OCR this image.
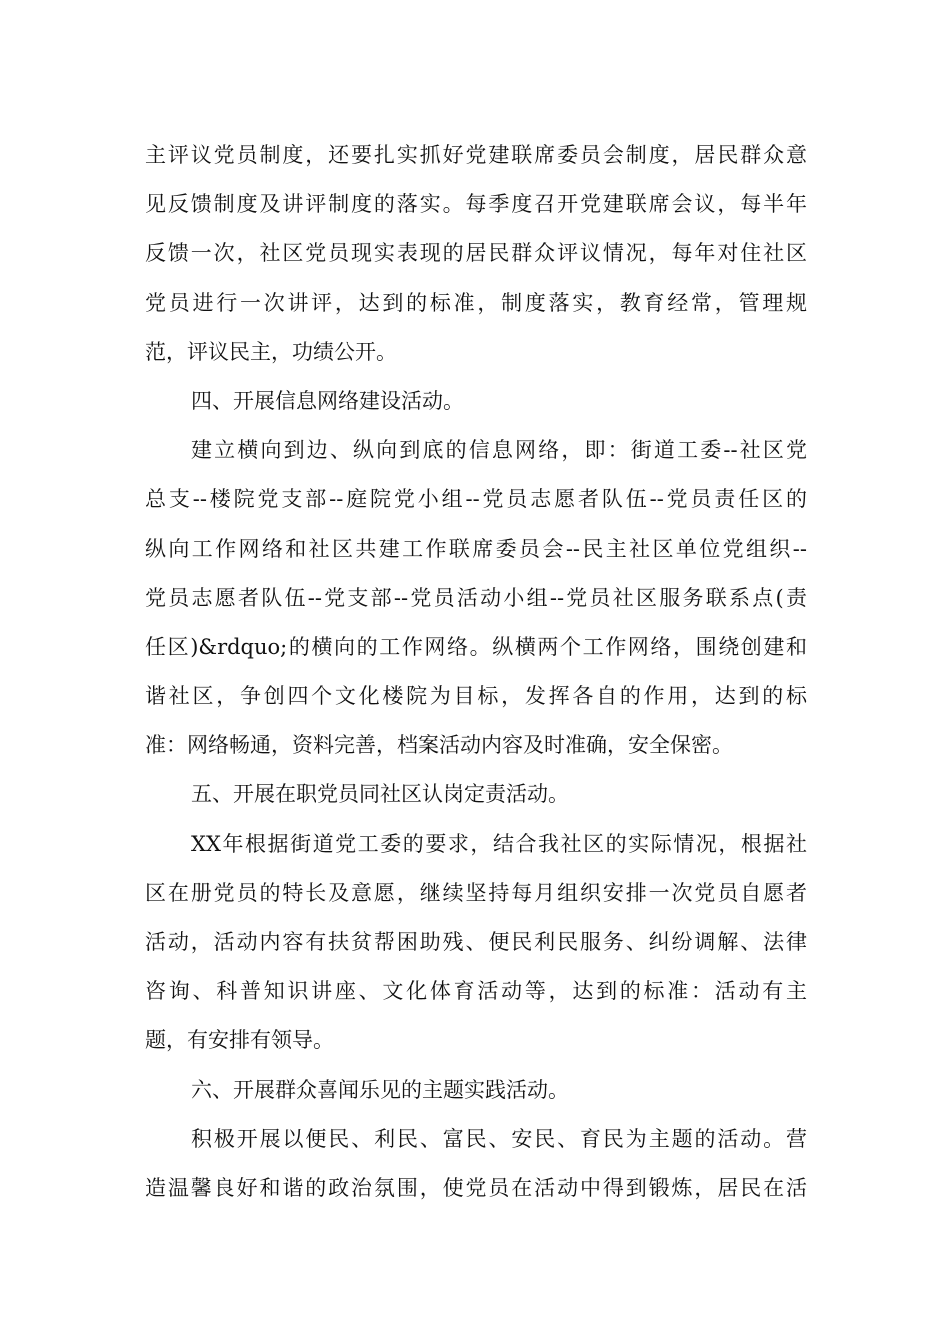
主评议党员制度，还要扎实抓好党建联席委员会制度，居民群众意
见反馈制度及讲评制度的落实。每季度召开党建联席会议，每半年
反馈一次，社区党员现实表现的居民群众评议情况，每年对住社区
党员进行一次讲评，达到的标准，制度落实，教育经常，管理规
范，评议民主，功绩公开。
四、开展信息网络建设活动。
建立横向到边、纵向到底的信息网络，即：街道工委--社区党
总支--楼院党支部--庭院党小组--党员志愿者队伍--党员责任区的
纵向工作网络和社区共建工作联席委员会--民主社区单位党组织--
党员志愿者队伍--党支部--党员活动小组--党员社区服务联系点(责
任区)&rdquo;的横向的工作网络。纵横两个工作网络，围绕创建和
谐社区，争创四个文化楼院为目标，发挥各自的作用，达到的标
准：网络畅通，资料完善，档案活动内容及时准确，安全保密。
五、开展在职党员同社区认岗定责活动。
XX年根据街道党工委的要求，结合我社区的实际情况，根据社
区在册党员的特长及意愿，继续坚持每月组织安排一次党员自愿者
活动，活动内容有扶贫帮困助残、便民利民服务、纠纷调解、法律
咨询、科普知识讲座、文化体育活动等，达到的标准：活动有主
题，有安排有领导。
六、开展群众喜闻乐见的主题实践活动。
积极开展以便民、利民、富民、安民、育民为主题的活动。营
造温馨良好和谐的政治氛围，使党员在活动中得到锻炼，居民在活
